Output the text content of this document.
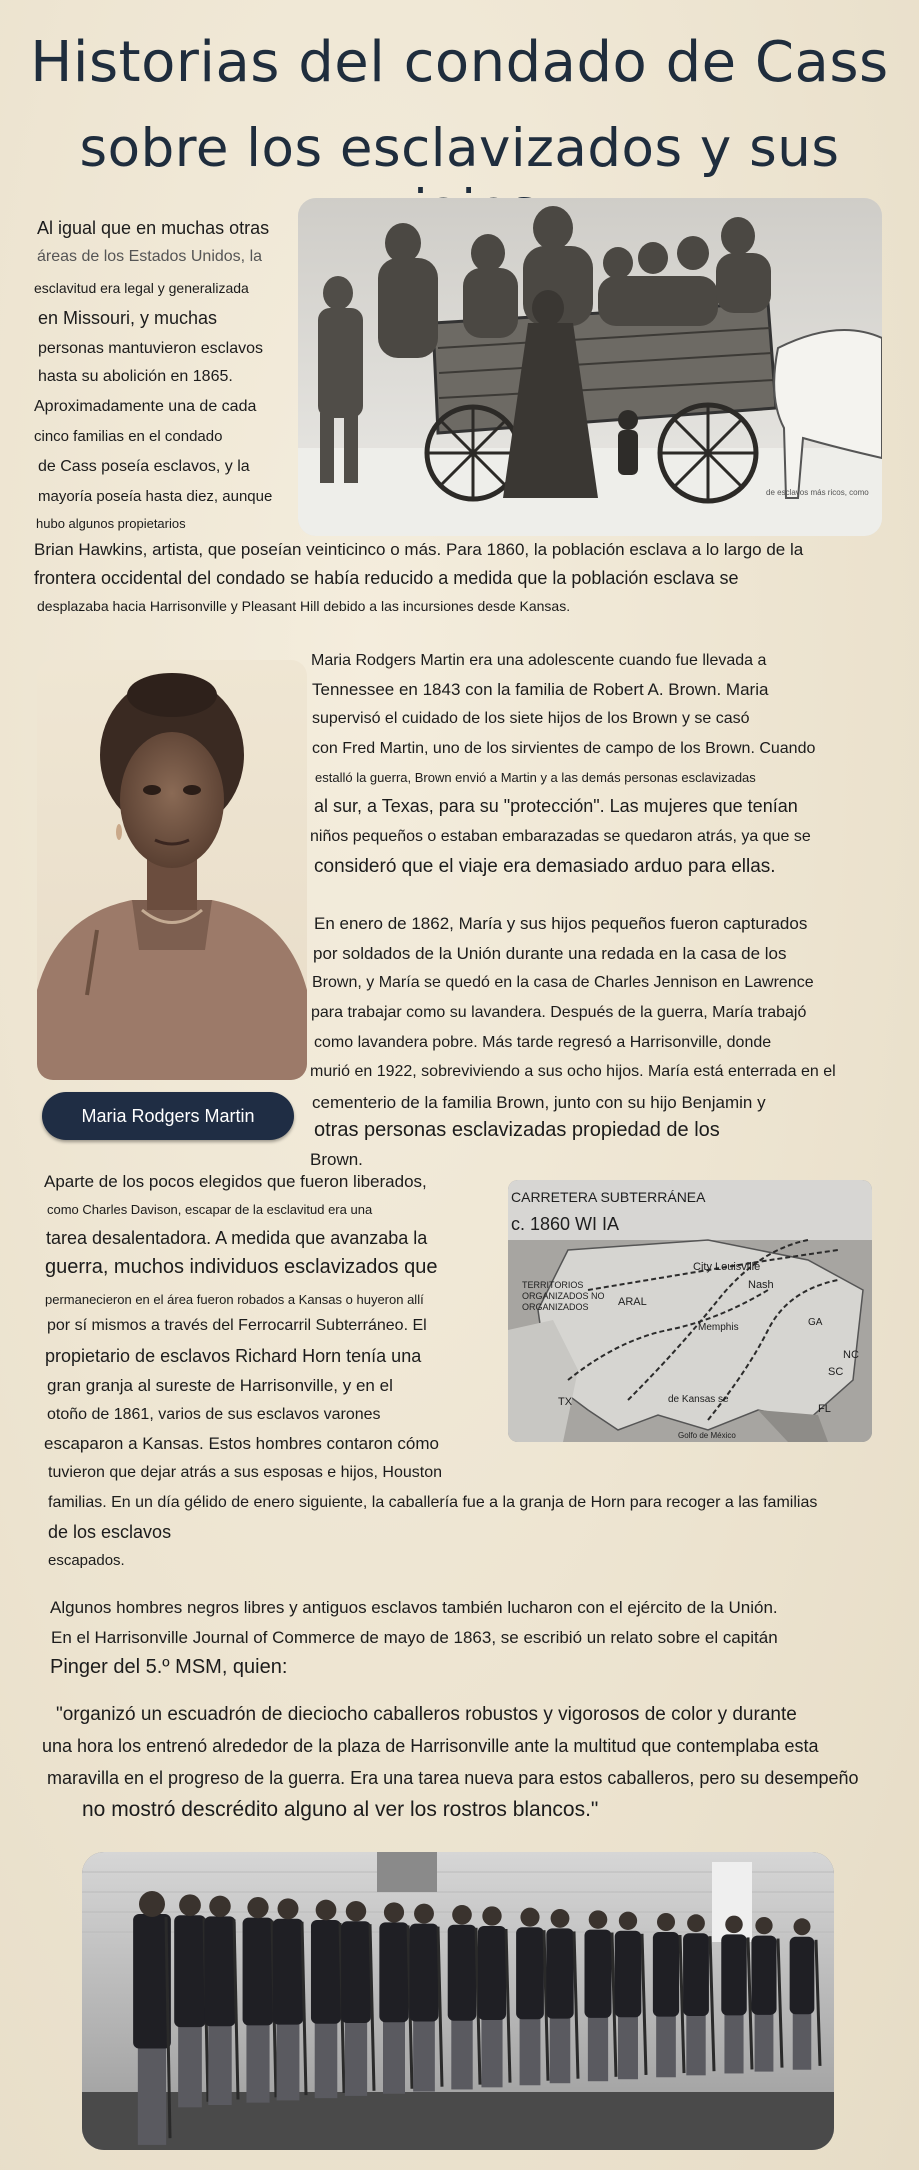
Historias del condado de Cass
sobre los esclavizados y sus

Al igual que en muchas otras

áreas de los Estados Unidos, la

esclavitud era legal y generalizada

en Missouri, y muchas

personas mantuvieron esclavos

hasta su abolición en 1865.

Aproximadamente una de cada

cinco familias en el condado

de Cass poseía esclavos, y la

mayoría poseía hasta diez, aunque

hubo algunos propietarios

Brian Hawkins, artista, que poseían veinticinco o más. Para 1860, la población esclava a lo largo de la

frontera occidental del condado se había reducido a medida que la población esclava se

desplazaba hacia Harrisonville y Pleasant Hill debido a las incursiones desde Kansas.

de esclavos más ricos, como
Maria Rodgers Martin

Maria Rodgers Martin era una adolescente cuando fue llevada a

Tennessee en 1843 con la familia de Robert A. Brown. Maria

supervisó el cuidado de los siete hijos de los Brown y se casó

con Fred Martin, uno de los sirvientes de campo de los Brown. Cuando

estalló la guerra, Brown envió a Martin y a las demás personas esclavizadas

al sur, a Texas, para su "protección". Las mujeres que tenían

niños pequeños o estaban embarazadas se quedaron atrás, ya que se

consideró que el viaje era demasiado arduo para ellas.

En enero de 1862, María y sus hijos pequeños fueron capturados

por soldados de la Unión durante una redada en la casa de los

Brown, y María se quedó en la casa de Charles Jennison en Lawrence

para trabajar como su lavandera. Después de la guerra, María trabajó

como lavandera pobre. Más tarde regresó a Harrisonville, donde

murió en 1922, sobreviviendo a sus ocho hijos. María está enterrada en el

cementerio de la familia Brown, junto con su hijo Benjamin y

otras personas esclavizadas propiedad de los

Brown.

Aparte de los pocos elegidos que fueron liberados,

como Charles Davison, escapar de la esclavitud era una

tarea desalentadora. A medida que avanzaba la

guerra, muchos individuos esclavizados que

permanecieron en el área fueron robados a Kansas o huyeron allí

por sí mismos a través del Ferrocarril Subterráneo. El

propietario de esclavos Richard Horn tenía una

gran granja al sureste de Harrisonville, y en el

otoño de 1861, varios de sus esclavos varones

escaparon a Kansas. Estos hombres contaron cómo

tuvieron que dejar atrás a sus esposas e hijos, Houston

familias. En un día gélido de enero siguiente, la caballería fue a la granja de Horn para recoger a las familias

de los esclavos

escapados.

CARRETERA SUBTERRÁNEA
c. 1860 WI IA
TERRITORIOS
ORGANIZADOS NO
ORGANIZADOS
City Louisville
Nash
ARAL
Memphis
TX
Golfo de México
NC
SC
GA
FL
de Kansas se

Algunos hombres negros libres y antiguos esclavos también lucharon con el ejército de la Unión.

En el Harrisonville Journal of Commerce de mayo de 1863, se escribió un relato sobre el capitán

Pinger del 5.º MSM, quien:

"organizó un escuadrón de dieciocho caballeros robustos y vigorosos de color y durante

una hora los entrenó alrededor de la plaza de Harrisonville ante la multitud que contemplaba esta

maravilla en el progreso de la guerra. Era una tarea nueva para estos caballeros, pero su desempeño

no mostró descrédito alguno al ver los rostros blancos."
